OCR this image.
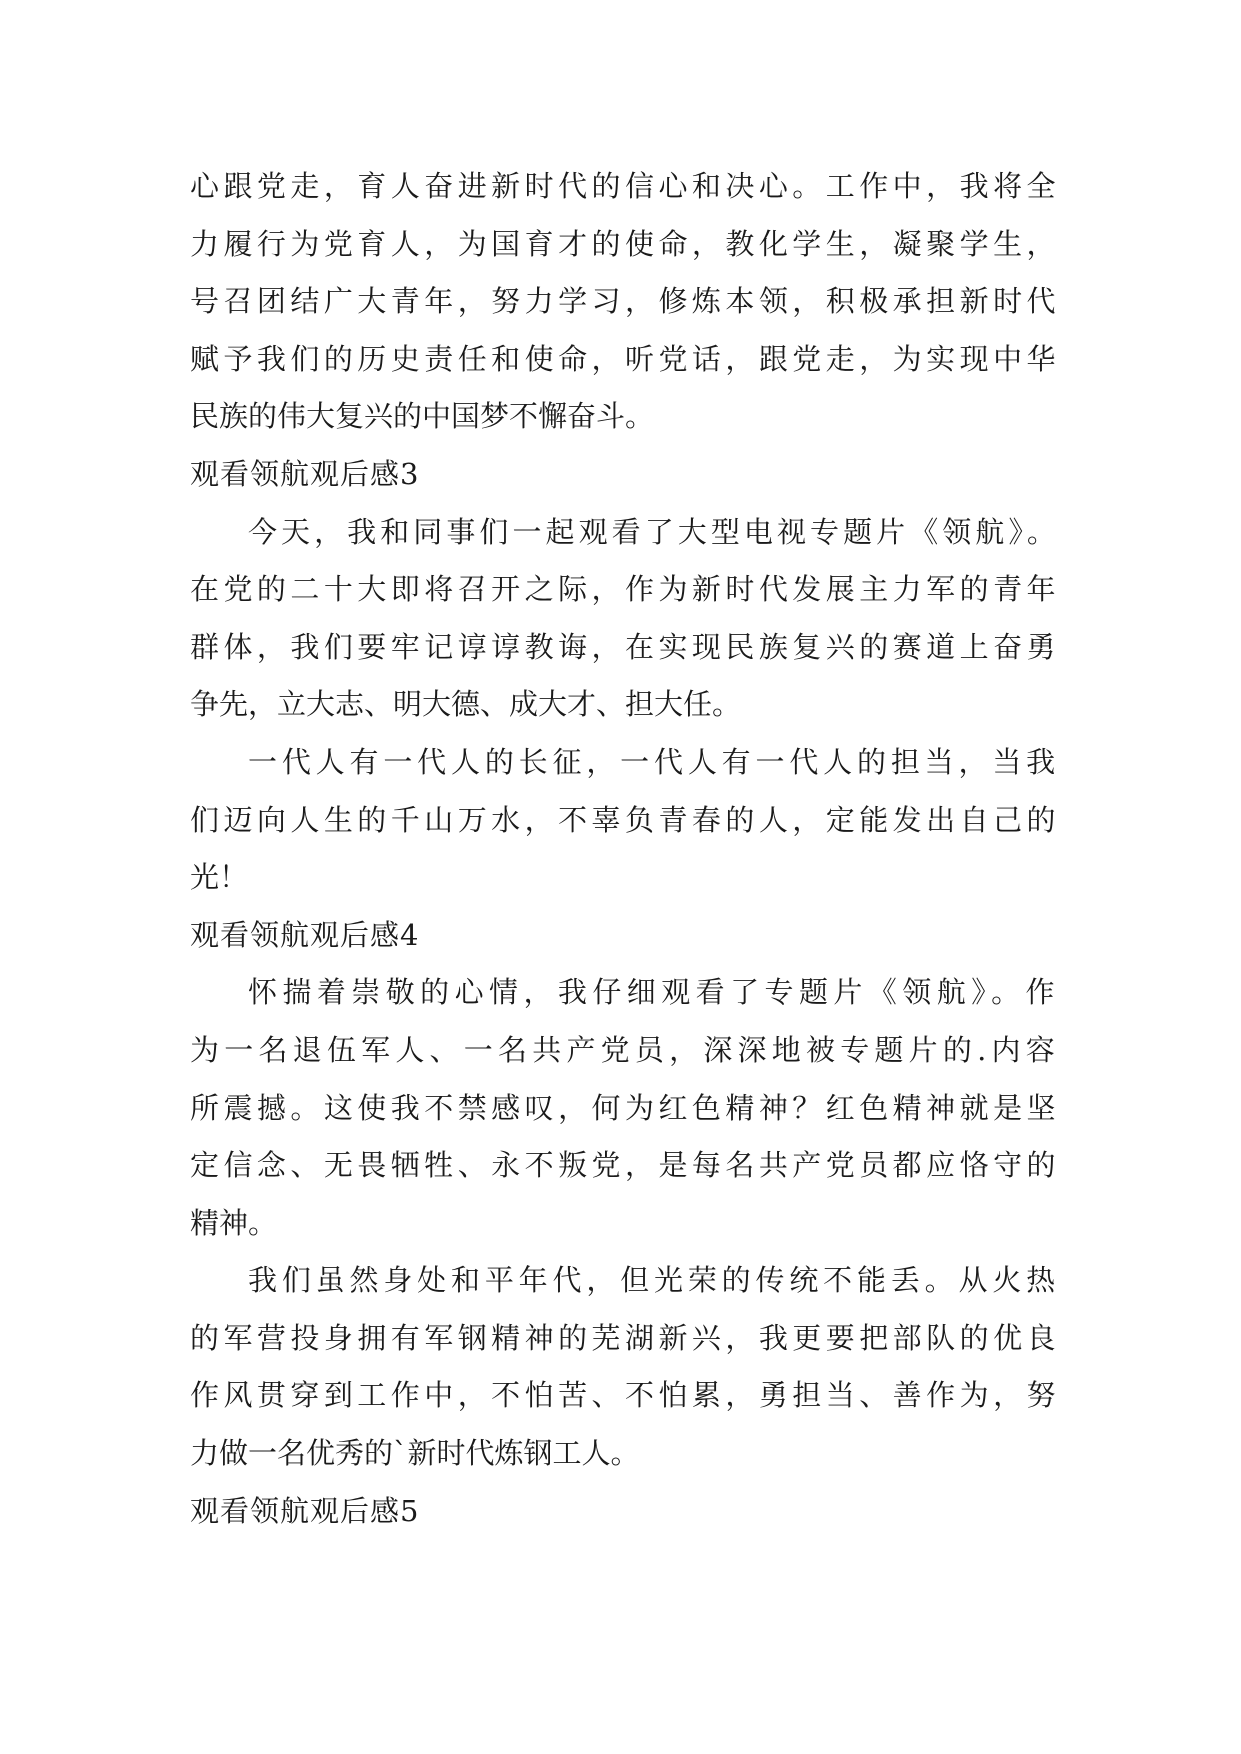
心跟党走，育人奋进新时代的信心和决心。工作中，我将全
力履行为党育人，为国育才的使命，教化学生，凝聚学生，
号召团结广大青年，努力学习，修炼本领，积极承担新时代
赋予我们的历史责任和使命，听党话，跟党走，为实现中华
民族的伟大复兴的中国梦不懈奋斗。
观看领航观后感3
今天，我和同事们一起观看了大型电视专题片《领航》。
在党的二十大即将召开之际，作为新时代发展主力军的青年
群体，我们要牢记谆谆教诲，在实现民族复兴的赛道上奋勇
争先，立大志、明大德、成大才、担大任。
一代人有一代人的长征，一代人有一代人的担当，当我
们迈向人生的千山万水，不辜负青春的人，定能发出自己的
光！
观看领航观后感4
怀揣着崇敬的心情，我仔细观看了专题片《领航》。作
为一名退伍军人、一名共产党员，深深地被专题片的.内容
所震撼。这使我不禁感叹，何为红色精神？红色精神就是坚
定信念、无畏牺牲、永不叛党，是每名共产党员都应恪守的
精神。
我们虽然身处和平年代，但光荣的传统不能丢。从火热
的军营投身拥有军钢精神的芜湖新兴，我更要把部队的优良
作风贯穿到工作中，不怕苦、不怕累，勇担当、善作为，努
力做一名优秀的`新时代炼钢工人。
观看领航观后感5
